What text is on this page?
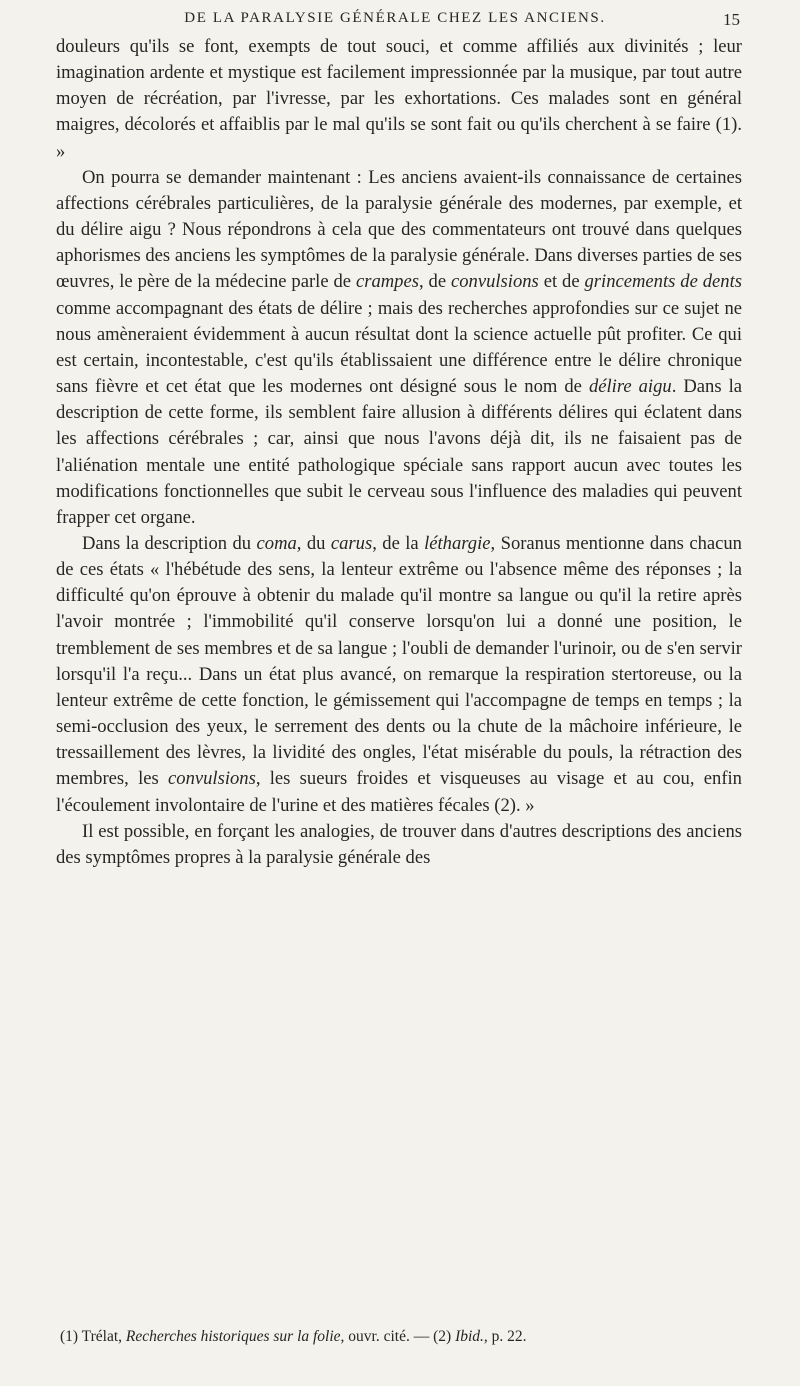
DE LA PARALYSIE GÉNÉRALE CHEZ LES ANCIENS.	15

douleurs qu'ils se font, exempts de tout souci, et comme affiliés aux divinités ; leur imagination ardente et mystique est facilement impressionnée par la musique, par tout autre moyen de récréation, par l'ivresse, par les exhortations. Ces malades sont en général maigres, décolorés et affaiblis par le mal qu'ils se sont fait ou qu'ils cherchent à se faire (1). »

On pourra se demander maintenant : Les anciens avaient-ils connaissance de certaines affections cérébrales particulières, de la paralysie générale des modernes, par exemple, et du délire aigu ? Nous répondrons à cela que des commentateurs ont trouvé dans quelques aphorismes des anciens les symptômes de la paralysie générale. Dans diverses parties de ses œuvres, le père de la médecine parle de crampes, de convulsions et de grincements de dents comme accompagnant des états de délire ; mais des recherches approfondies sur ce sujet ne nous amèneraient évidemment à aucun résultat dont la science actuelle pût profiter. Ce qui est certain, incontestable, c'est qu'ils établissaient une différence entre le délire chronique sans fièvre et cet état que les modernes ont désigné sous le nom de délire aigu. Dans la description de cette forme, ils semblent faire allusion à différents délires qui éclatent dans les affections cérébrales ; car, ainsi que nous l'avons déjà dit, ils ne faisaient pas de l'aliénation mentale une entité pathologique spéciale sans rapport aucun avec toutes les modifications fonctionnelles que subit le cerveau sous l'influence des maladies qui peuvent frapper cet organe.

Dans la description du coma, du carus, de la léthargie, Soranus mentionne dans chacun de ces états « l'hébétude des sens, la lenteur extrême ou l'absence même des réponses ; la difficulté qu'on éprouve à obtenir du malade qu'il montre sa langue ou qu'il la retire après l'avoir montrée ; l'immobilité qu'il conserve lorsqu'on lui a donné une position, le tremblement de ses membres et de sa langue ; l'oubli de demander l'urinoir, ou de s'en servir lorsqu'il l'a reçu... Dans un état plus avancé, on remarque la respiration stertoreuse, ou la lenteur extrême de cette fonction, le gémissement qui l'accompagne de temps en temps ; la semi-occlusion des yeux, le serrement des dents ou la chute de la mâchoire inférieure, le tressaillement des lèvres, la lividité des ongles, l'état misérable du pouls, la rétraction des membres, les convulsions, les sueurs froides et visqueuses au visage et au cou, enfin l'écoulement involontaire de l'urine et des matières fécales (2). »

Il est possible, en forçant les analogies, de trouver dans d'autres descriptions des anciens des symptômes propres à la paralysie générale des

(1) Trélat, Recherches historiques sur la folie, ouvr. cité. — (2) Ibid., p. 22.
